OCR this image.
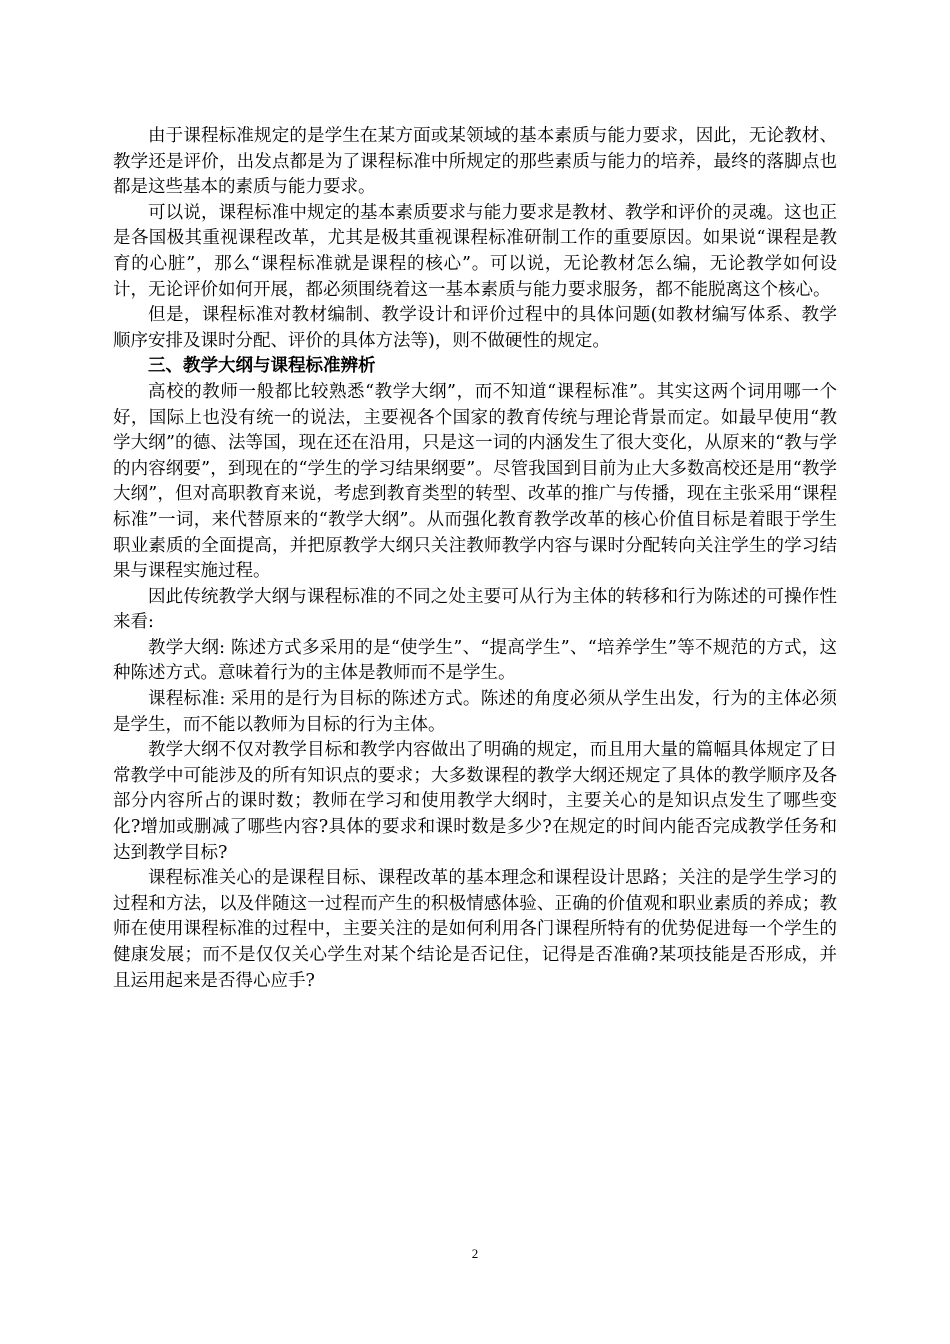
由于课程标准规定的是学生在某方面或某领域的基本素质与能力要求，因此，无论教材、教学还是评价，出发点都是为了课程标准中所规定的那些素质与能力的培养，最终的落脚点也都是这些基本的素质与能力要求。

可以说，课程标准中规定的基本素质要求与能力要求是教材、教学和评价的灵魂。这也正是各国极其重视课程改革，尤其是极其重视课程标准研制工作的重要原因。如果说“课程是教育的心脏”，那么“课程标准就是课程的核心”。可以说，无论教材怎么编，无论教学如何设计，无论评价如何开展，都必须围绕着这一基本素质与能力要求服务，都不能脱离这个核心。

但是，课程标准对教材编制、教学设计和评价过程中的具体问题(如教材编写体系、教学顺序安排及课时分配、评价的具体方法等)，则不做硬性的规定。

三、教学大纲与课程标准辨析

高校的教师一般都比较熟悉“教学大纲”，而不知道“课程标准”。其实这两个词用哪一个好，国际上也没有统一的说法，主要视各个国家的教育传统与理论背景而定。如最早使用“教学大纲”的德、法等国，现在还在沿用，只是这一词的内涵发生了很大变化，从原来的“教与学的内容纲要”，到现在的“学生的学习结果纲要”。尽管我国到目前为止大多数高校还是用“教学大纲”，但对高职教育来说，考虑到教育类型的转型、改革的推广与传播，现在主张采用“课程标准”一词，来代替原来的“教学大纲”。从而强化教育教学改革的核心价值目标是着眼于学生职业素质的全面提高，并把原教学大纲只关注教师教学内容与课时分配转向关注学生的学习结果与课程实施过程。

因此传统教学大纲与课程标准的不同之处主要可从行为主体的转移和行为陈述的可操作性 来看:

教学大纲: 陈述方式多采用的是“使学生”、“提高学生”、“培养学生”等不规范的方式，这种陈述方式。意味着行为的主体是教师而不是学生。

课程标准: 采用的是行为目标的陈述方式。陈述的角度必须从学生出发，行为的主体必须是学生，而不能以教师为目标的行为主体。

教学大纲不仅对教学目标和教学内容做出了明确的规定，而且用大量的篇幅具体规定了日常教学中可能涉及的所有知识点的要求；大多数课程的教学大纲还规定了具体的教学顺序及各部分内容所占的课时数；教师在学习和使用教学大纲时，主要关心的是知识点发生了哪些变化?增加或删减了哪些内容?具体的要求和课时数是多少?在规定的时间内能否完成教学任务和达到教学目标?

课程标准关心的是课程目标、课程改革的基本理念和课程设计思路；关注的是学生学习的过程和方法，以及伴随这一过程而产生的积极情感体验、正确的价值观和职业素质的养成；教师在使用课程标准的过程中，主要关注的是如何利用各门课程所特有的优势促进每一个学生的健康发展；而不是仅仅关心学生对某个结论是否记住，记得是否准确?某项技能是否形成，并且运用起来是否得心应手?

2
